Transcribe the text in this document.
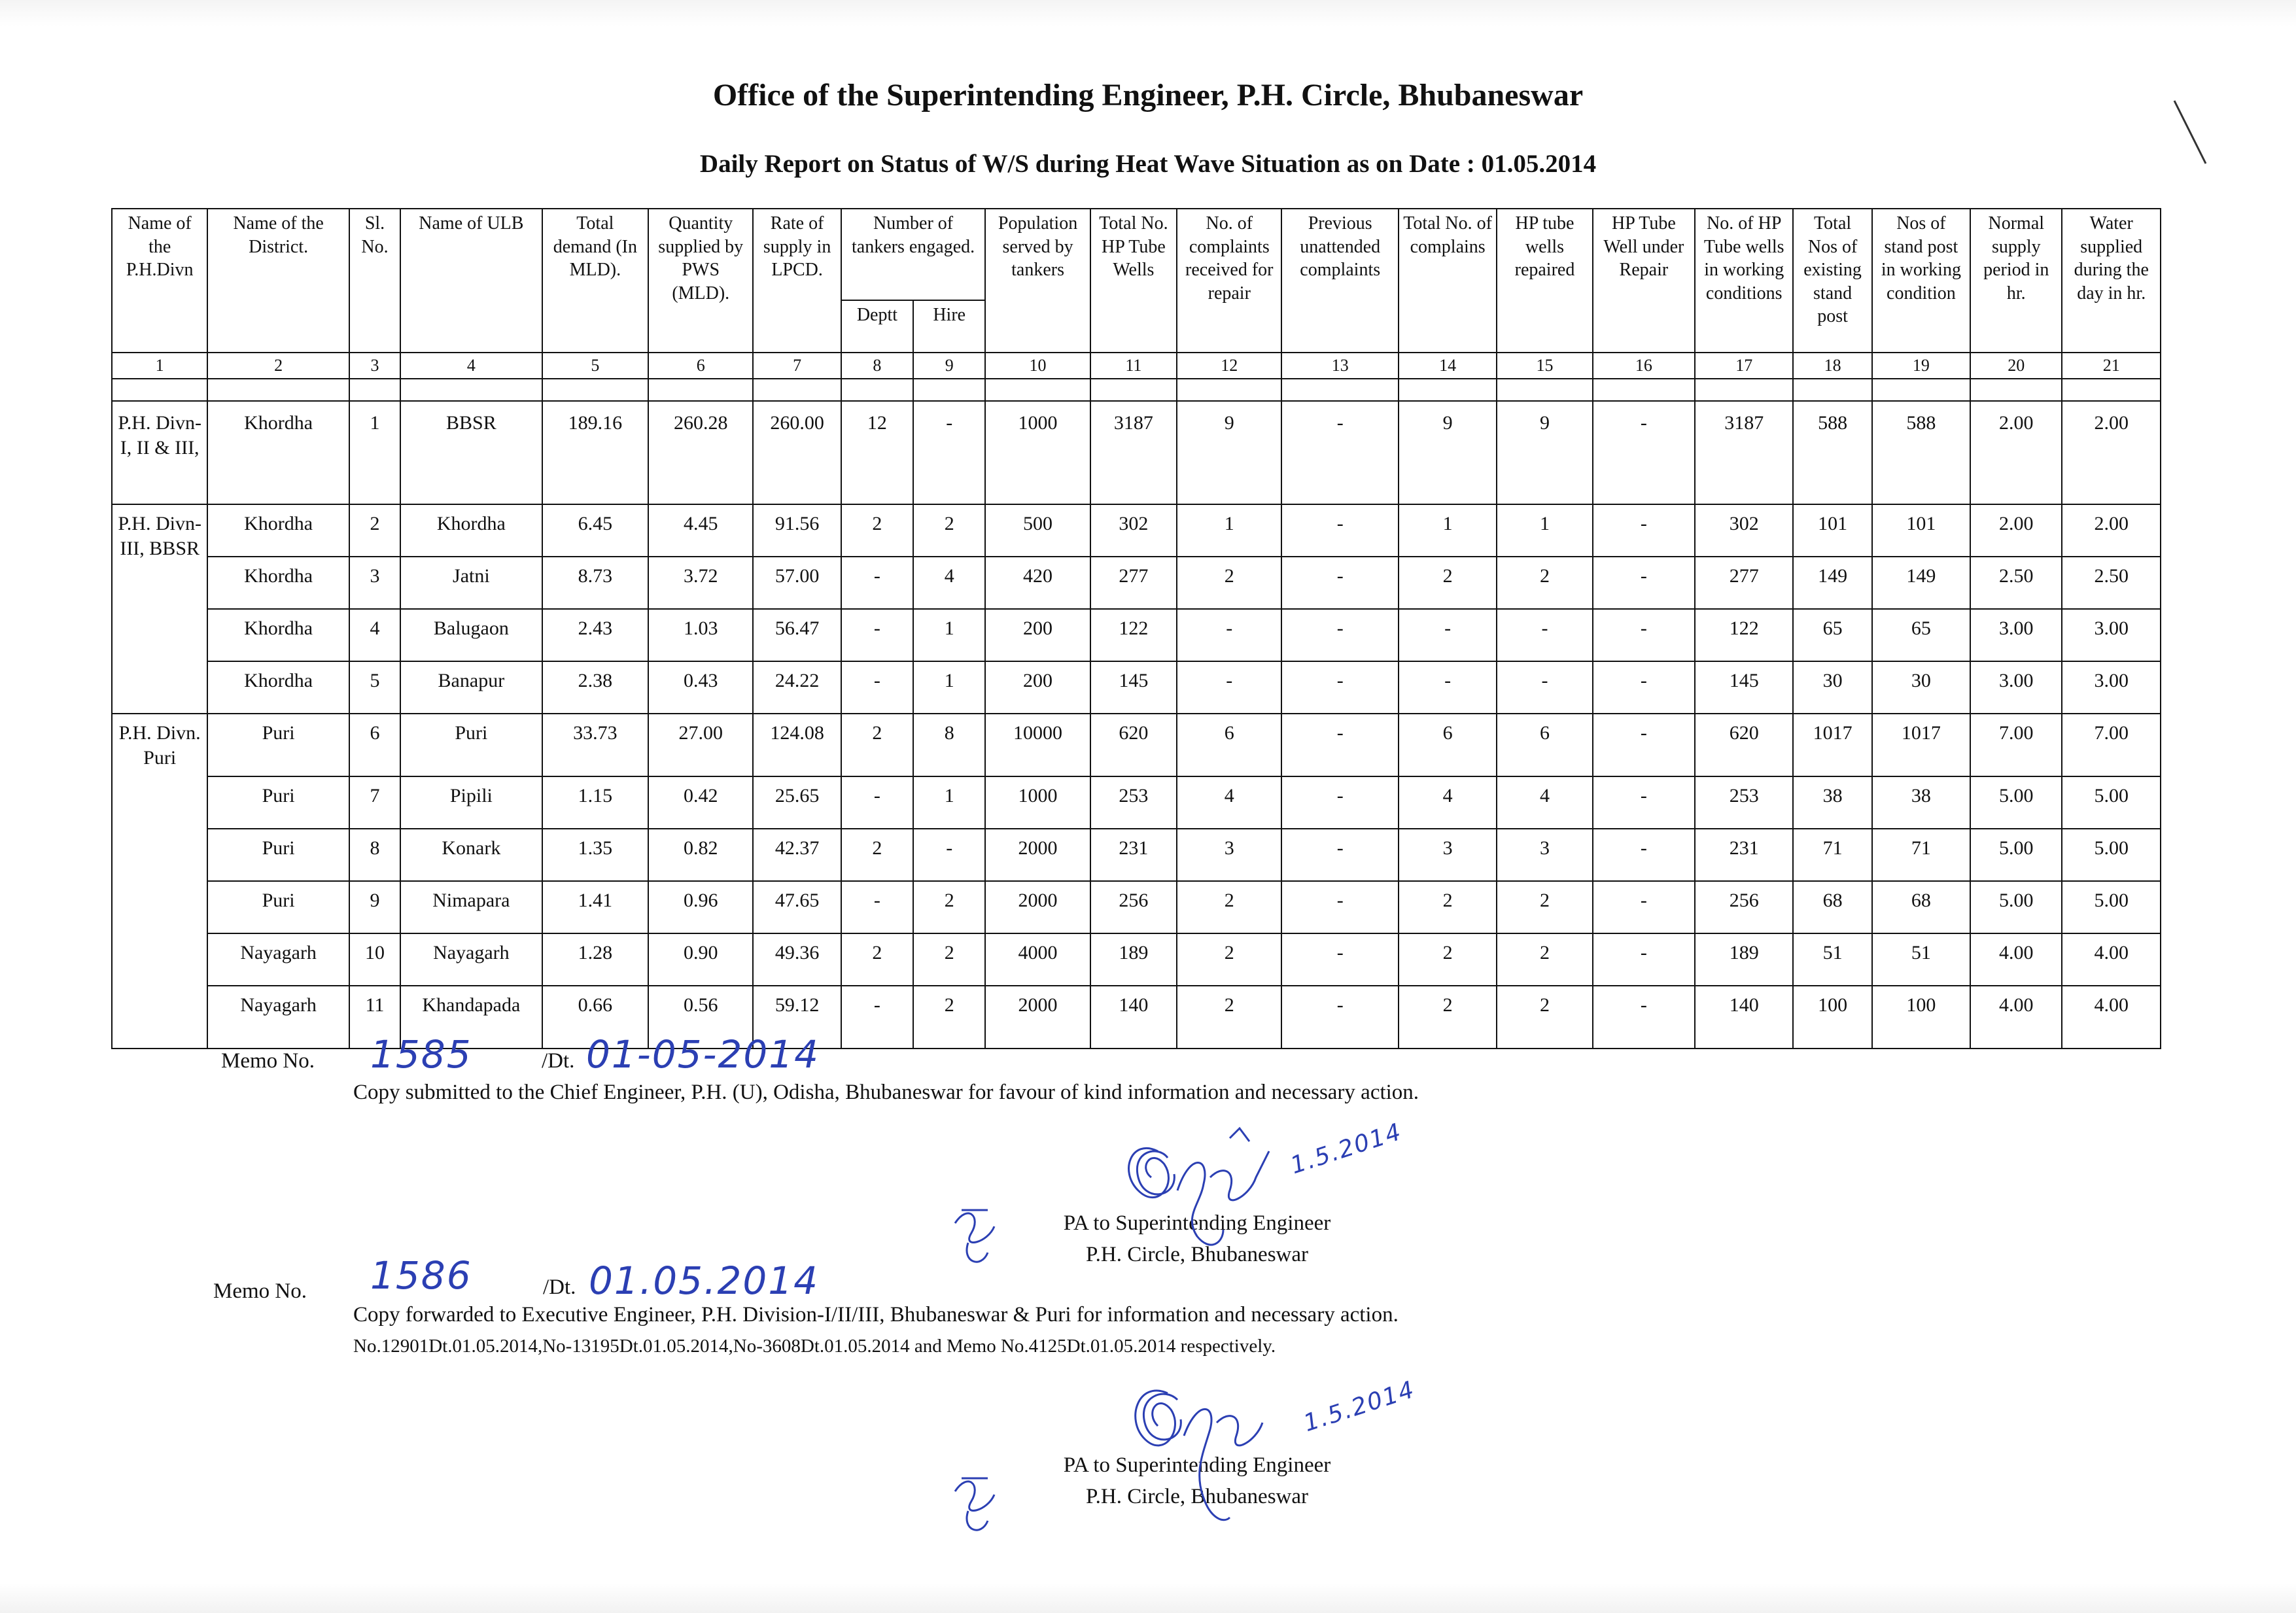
Office of the Superintending Engineer, P.H. Circle, Bhubaneswar
Daily Report on Status of W/S during Heat Wave Situation as on Date : 01.05.2014
Name of the P.H.Divn	Name of the District.	Sl. No.	Name of ULB	Total demand (In MLD).	Quantity supplied by PWS (MLD).	Rate of supply in LPCD.	Number of tankers engaged.		Population served by tankers	Total No. HP Tube Wells	No. of complaints received for repair	Previous unattended complaints	Total No. of complains	HP tube wells repaired	HP Tube Well under Repair	No. of HP Tube wells in working conditions	Total Nos of existing stand post	Nos of stand post in working condition	Normal supply period in hr.	Water supplied during the day in hr.
							Deptt	Hire												
1	2	3	4	5	6	7	8	9	10	11	12	13	14	15	16	17	18	19	20	21

P.H. Divn-I, II & III,	Khordha	1	BBSR	189.16	260.28	260.00	12	-	1000	3187	9	-	9	9	-	3187	588	588	2.00	2.00
P.H. Divn-III, BBSR	Khordha	2	Khordha	6.45	4.45	91.56	2	2	500	302	1	-	1	1	-	302	101	101	2.00	2.00
	Khordha	3	Jatni	8.73	3.72	57.00	-	4	420	277	2	-	2	2	-	277	149	149	2.50	2.50
	Khordha	4	Balugaon	2.43	1.03	56.47	-	1	200	122	-	-	-	-	-	122	65	65	3.00	3.00
	Khordha	5	Banapur	2.38	0.43	24.22	-	1	200	145	-	-	-	-	-	145	30	30	3.00	3.00
P.H. Divn. Puri	Puri	6	Puri	33.73	27.00	124.08	2	8	10000	620	6	-	6	6	-	620	1017	1017	7.00	7.00
	Puri	7	Pipili	1.15	0.42	25.65	-	1	1000	253	4	-	4	4	-	253	38	38	5.00	5.00
	Puri	8	Konark	1.35	0.82	42.37	2	-	2000	231	3	-	3	3	-	231	71	71	5.00	5.00
	Puri	9	Nimapara	1.41	0.96	47.65	-	2	2000	256	2	-	2	2	-	256	68	68	5.00	5.00
	Nayagarh	10	Nayagarh	1.28	0.90	49.36	2	2	4000	189	2	-	2	2	-	189	51	51	4.00	4.00
	Nayagarh	11	Khandapada	0.66	0.56	59.12	-	2	2000	140	2	-	2	2	-	140	100	100	4.00	4.00
Memo No. 1585	/Dt. 01-05-2014
Copy submitted to the Chief Engineer, P.H. (U), Odisha, Bhubaneswar for favour of kind information and necessary action.
1.5.2014
PA to Superintending Engineer
P.H. Circle, Bhubaneswar
Memo No. 1586	/Dt. 01.05.2014
Copy forwarded to Executive Engineer, P.H. Division-I/II/III, Bhubaneswar & Puri for information and necessary action.
No.12901Dt.01.05.2014,No-13195Dt.01.05.2014,No-3608Dt.01.05.2014 and Memo No.4125Dt.01.05.2014 respectively.
1.5.2014
PA to Superintending Engineer
P.H. Circle, Bhubaneswar
